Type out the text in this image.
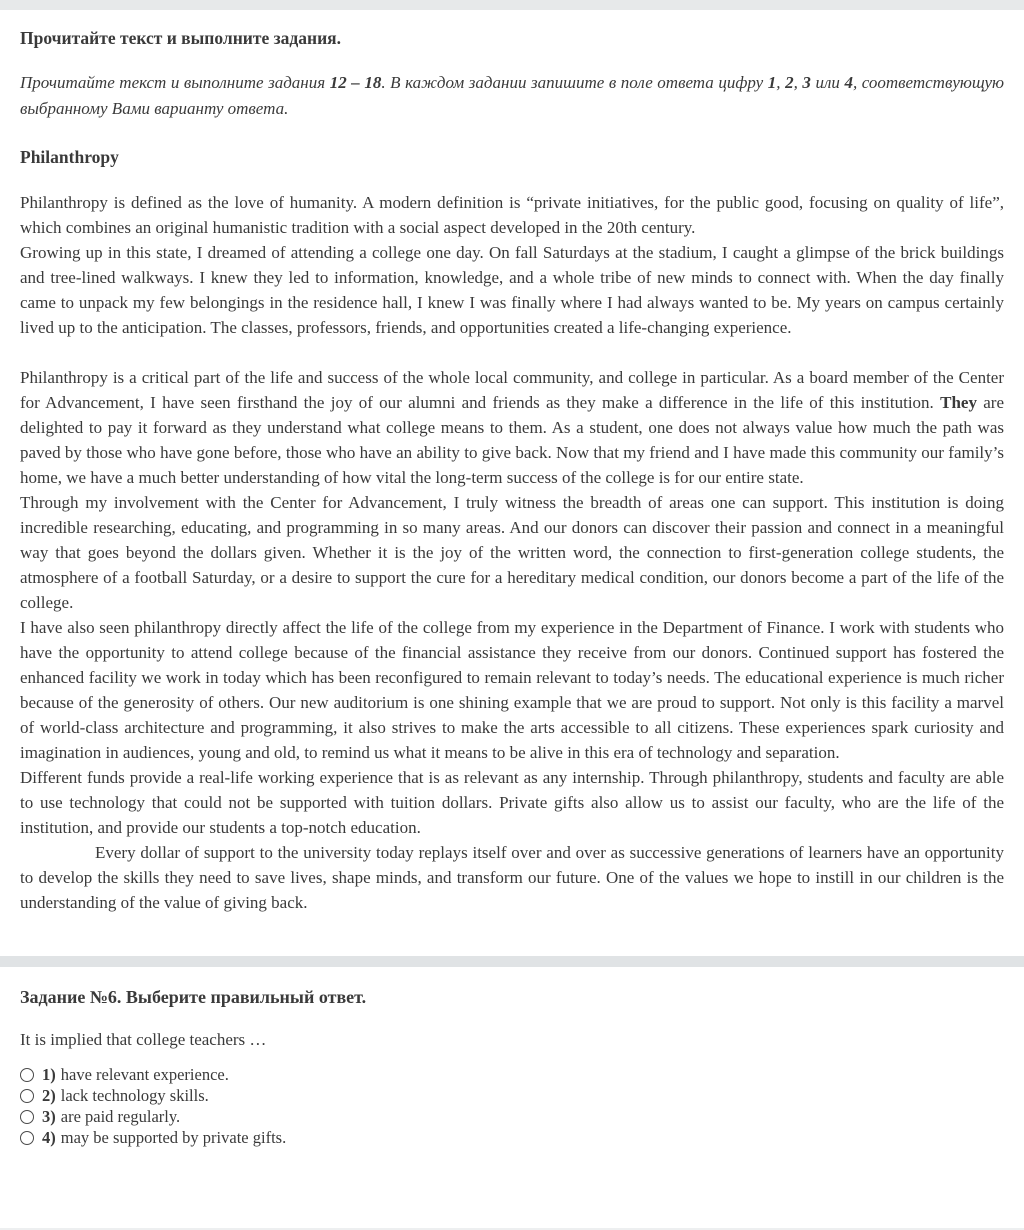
Прочитайте текст и выполните задания.

Прочитайте текст и выполните задания 12 – 18. В каждом задании запишите в поле ответа цифру 1, 2, 3 или 4, соответствующую выбранному Вами варианту ответа.

Philanthropy

Philanthropy is defined as the love of humanity. A modern definition is “private initiatives, for the public good, focusing on quality of life”, which combines an original humanistic tradition with a social aspect developed in the 20th century.

Growing up in this state, I dreamed of attending a college one day. On fall Saturdays at the stadium, I caught a glimpse of the brick buildings and tree-lined walkways. I knew they led to information, knowledge, and a whole tribe of new minds to connect with. When the day finally came to unpack my few belongings in the residence hall, I knew I was finally where I had always wanted to be. My years on campus certainly lived up to the anticipation. The classes, professors, friends, and opportunities created a life-changing experience.

Philanthropy is a critical part of the life and success of the whole local community, and college in particular. As a board member of the Center for Advancement, I have seen firsthand the joy of our alumni and friends as they make a difference in the life of this institution. They are delighted to pay it forward as they understand what college means to them. As a student, one does not always value how much the path was paved by those who have gone before, those who have an ability to give back. Now that my friend and I have made this community our family’s home, we have a much better understanding of how vital the long-term success of the college is for our entire state.

Through my involvement with the Center for Advancement, I truly witness the breadth of areas one can support. This institution is doing incredible researching, educating, and programming in so many areas. And our donors can discover their passion and connect in a meaningful way that goes beyond the dollars given. Whether it is the joy of the written word, the connection to first-generation college students, the atmosphere of a football Saturday, or a desire to support the cure for a hereditary medical condition, our donors become a part of the life of the college.

I have also seen philanthropy directly affect the life of the college from my experience in the Department of Finance. I work with students who have the opportunity to attend college because of the financial assistance they receive from our donors. Continued support has fostered the enhanced facility we work in today which has been reconfigured to remain relevant to today’s needs. The educational experience is much richer because of the generosity of others. Our new auditorium is one shining example that we are proud to support. Not only is this facility a marvel of world-class architecture and programming, it also strives to make the arts accessible to all citizens. These experiences spark curiosity and imagination in audiences, young and old, to remind us what it means to be alive in this era of technology and separation.

Different funds provide a real-life working experience that is as relevant as any internship. Through philanthropy, students and faculty are able to use technology that could not be supported with tuition dollars. Private gifts also allow us to assist our faculty, who are the life of the institution, and provide our students a top-notch education.

Every dollar of support to the university today replays itself over and over as successive generations of learners have an opportunity to develop the skills they need to save lives, shape minds, and transform our future. One of the values we hope to instill in our children is the understanding of the value of giving back.

Задание №6. Выберите правильный ответ.

It is implied that college teachers …

1) have relevant experience.
2) lack technology skills.
3) are paid regularly.
4) may be supported by private gifts.
